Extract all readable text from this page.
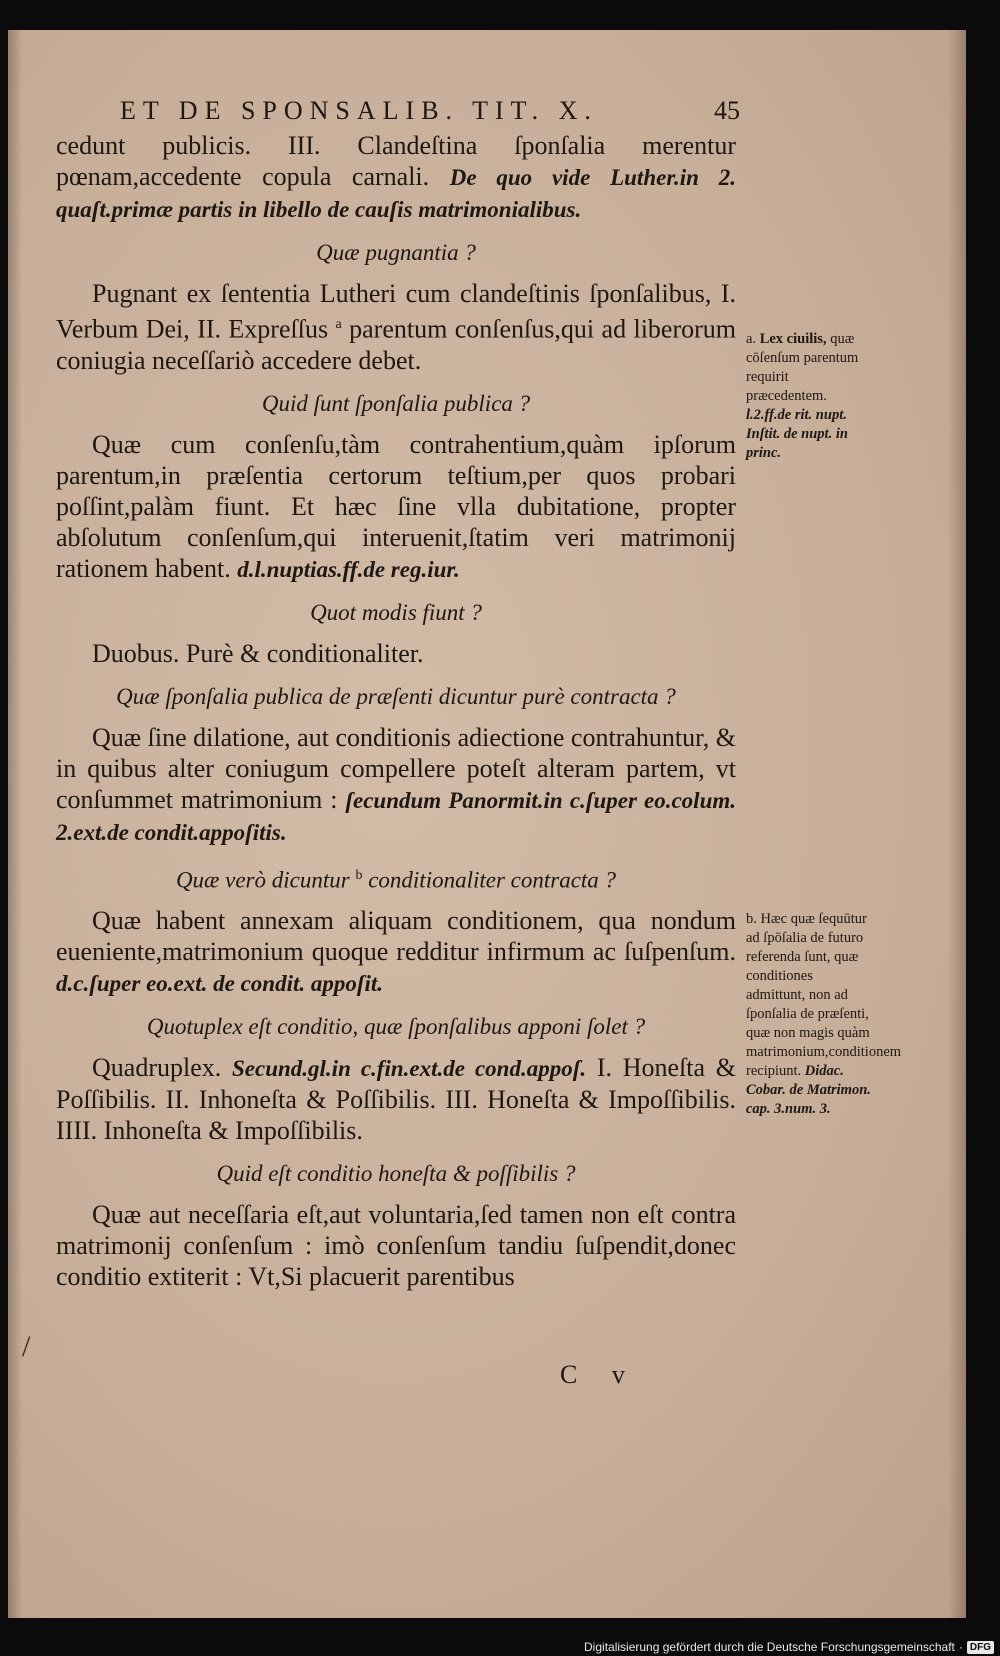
ET DE SPONSALIB. TIT. X.	45

cedunt publicis. III. Clandeſtina ſponſalia merentur pœnam,accedente copula carnali. De quo vide Luther.in 2. quaſt.primæ partis in libello de cauſis matrimonialibus.

Quæ pugnantia ?

Pugnant ex ſententia Lutheri cum clandeſtinis ſponſalibus, I. Verbum Dei, II. Expreſſus $^a$ parentum conſenſus,qui ad liberorum coniugia neceſſariò accedere debet.

Quid ſunt ſponſalia publica ?

Quæ cum conſenſu,tàm contrahentium,quàm ipſorum parentum,in præſentia certorum teſtium,per quos probari poſſint,palàm fiunt. Et hæc ſine vlla dubitatione, propter abſolutum conſenſum,qui interuenit,ſtatim veri matrimonij rationem habent. d.l.nuptias.ff.de reg.iur.

Quot modis fiunt ?

Duobus. Purè & conditionaliter.

Quæ ſponſalia publica de præſenti dicuntur purè contracta ?

Quæ ſine dilatione, aut conditionis adiectione contrahuntur, & in quibus alter coniugum compellere poteſt alteram partem, vt conſummet matrimonium : ſecundum Panormit.in c.ſuper eo.colum. 2.ext.de condit.appoſitis.

Quæ verò dicuntur $^b$ conditionaliter contracta ?

Quæ habent annexam aliquam conditionem, qua nondum eueniente,matrimonium quoque redditur infirmum ac ſuſpenſum. d.c.ſuper eo.ext. de condit. appoſit.

Quotuplex eſt conditio, quæ ſponſalibus apponi ſolet ?

Quadruplex. Secund.gl.in c.fin.ext.de cond.appoſ. I. Honeſta & Poſſibilis. II. Inhoneſta & Poſſibilis. III. Honeſta & Impoſſibilis. IIII. Inhoneſta & Impoſſibilis.

Quid eſt conditio honeſta & poſſibilis ?

Quæ aut neceſſaria eſt,aut voluntaria,ſed tamen non eſt contra matrimonij conſenſum : imò conſenſum tandiu ſuſpendit,donec conditio extiterit : Vt,Si placuerit parentibus

a. Lex ciuilis, quæ cōſenſum parentum requirit præcedentem. l.2.ff.de rit. nupt. Inſtit. de nupt. in princ.
b. Hæc quæ ſequūtur ad ſpōſalia de futuro referenda ſunt, quæ conditiones admittunt, non ad ſponſalia de præſenti, quæ non magis quàm matrimonium,conditionem recipiunt. Didac. Cobar. de Matrimon. cap. 3.num. 3.
C v
/
Digitalisierung gefördert durch die Deutsche Forschungsgemeinschaft · DFG
